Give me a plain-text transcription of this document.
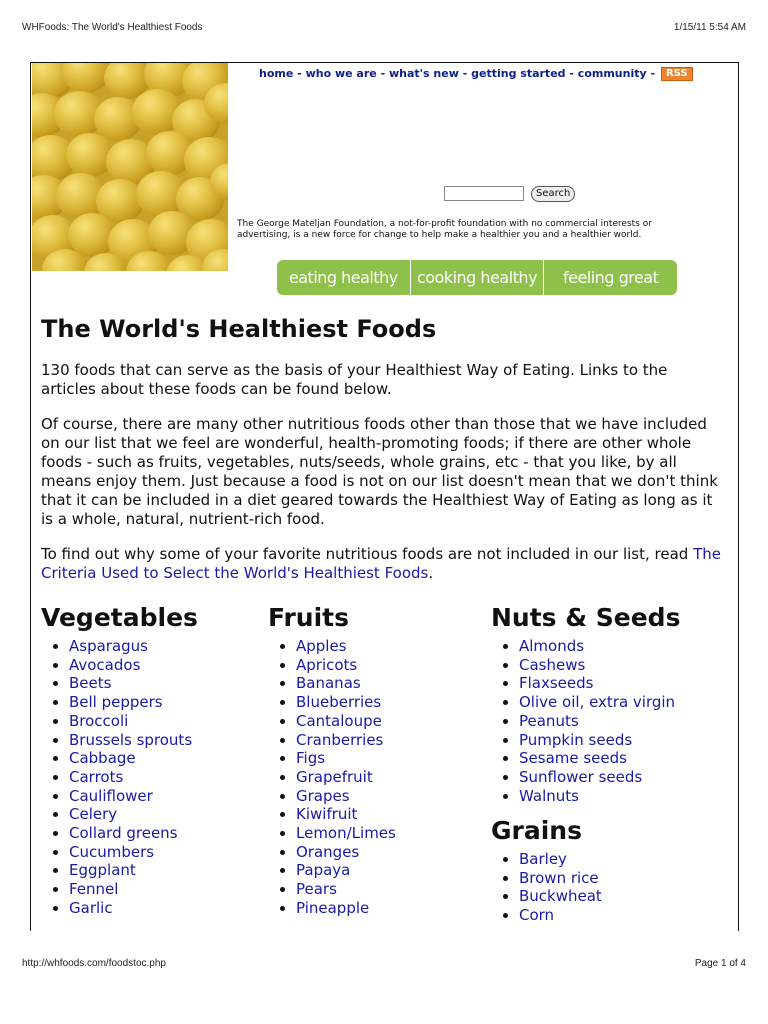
WHFoods: The World's Healthiest Foods	1/15/11 5:54 AM
home - who we are - what's new - getting started - community - RSS
Search
The George Mateljan Foundation, a not-for-profit foundation with no commercial interests or advertising, is a new force for change to help make a healthier you and a healthier world.
eating healthy	cooking healthy	feeling great
The World's Healthiest Foods

130 foods that can serve as the basis of your Healthiest Way of Eating. Links to the articles about these foods can be found below.

Of course, there are many other nutritious foods other than those that we have included on our list that we feel are wonderful, health-promoting foods; if there are other whole foods - such as fruits, vegetables, nuts/seeds, whole grains, etc - that you like, by all means enjoy them. Just because a food is not on our list doesn't mean that we don't think that it can be included in a diet geared towards the Healthiest Way of Eating as long as it is a whole, natural, nutrient-rich food.

To find out why some of your favorite nutritious foods are not included in our list, read The Criteria Used to Select the World's Healthiest Foods.

Vegetables
• Asparagus
• Avocados
• Beets
• Bell peppers
• Broccoli
• Brussels sprouts
• Cabbage
• Carrots
• Cauliflower
• Celery
• Collard greens
• Cucumbers
• Eggplant
• Fennel
• Garlic
Fruits
• Apples
• Apricots
• Bananas
• Blueberries
• Cantaloupe
• Cranberries
• Figs
• Grapefruit
• Grapes
• Kiwifruit
• Lemon/Limes
• Oranges
• Papaya
• Pears
• Pineapple
Nuts & Seeds
• Almonds
• Cashews
• Flaxseeds
• Olive oil, extra virgin
• Peanuts
• Pumpkin seeds
• Sesame seeds
• Sunflower seeds
• Walnuts
Grains
• Barley
• Brown rice
• Buckwheat
• Corn
http://whfoods.com/foodstoc.php	Page 1 of 4
